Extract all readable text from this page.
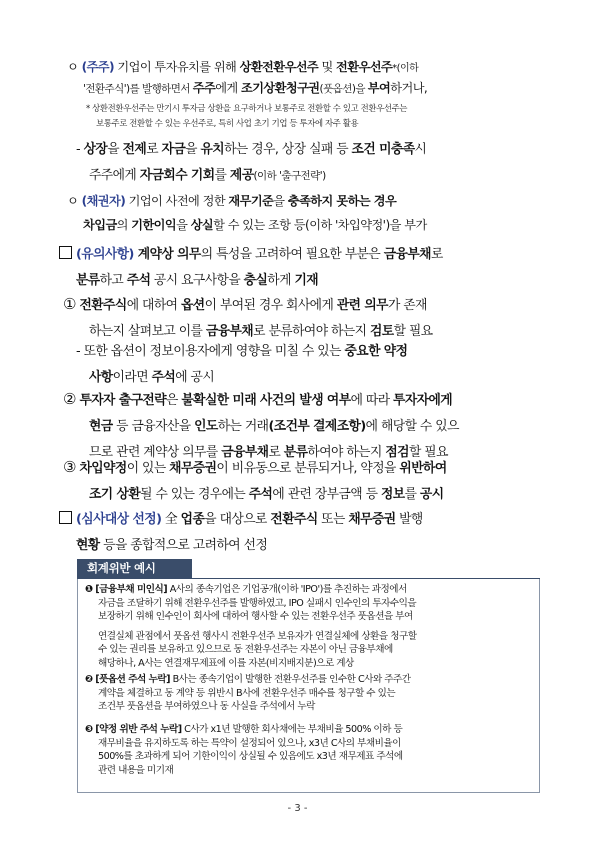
ㅇ (주주) 기업이 투자유치를 위해 상환전환우선주 및 전환우선주*(이하
'전환주식')를 발행하면서 주주에게 조기상환청구권(풋옵션)을 부여하거나,
* 상환전환우선주는 만기시 투자금 상환을 요구하거나 보통주로 전환할 수 있고 전환우선주는
보통주로 전환할 수 있는 우선주로, 특히 사업 초기 기업 등 투자에 자주 활용
- 상장을 전제로 자금을 유치하는 경우, 상장 실패 등 조건 미충족시
주주에게 자금회수 기회를 제공(이하 '출구전략')
ㅇ (채권자) 기업이 사전에 정한 재무기준을 충족하지 못하는 경우
차입금의 기한이익을 상실할 수 있는 조항 등(이하 '차입약정')을 부가
(유의사항) 계약상 의무의 특성을 고려하여 필요한 부분은 금융부채로
분류하고 주석 공시 요구사항을 충실하게 기재
① 전환주식에 대하여 옵션이 부여된 경우 회사에게 관련 의무가 존재
하는지 살펴보고 이를 금융부채로 분류하여야 하는지 검토할 필요
- 또한 옵션이 정보이용자에게 영향을 미칠 수 있는 중요한 약정
사항이라면 주석에 공시
② 투자자 출구전략은 불확실한 미래 사건의 발생 여부에 따라 투자자에게
현금 등 금융자산을 인도하는 거래(조건부 결제조항)에 해당할 수 있으
므로 관련 계약상 의무를 금융부채로 분류하여야 하는지 점검할 필요
③ 차입약정이 있는 채무증권이 비유동으로 분류되거나, 약정을 위반하여
조기 상환될 수 있는 경우에는 주석에 관련 장부금액 등 정보를 공시
(심사대상 선정) 全 업종을 대상으로 전환주식 또는 채무증권 발행
현황 등을 종합적으로 고려하여 선정
회계위반 예시
❶ [금융부채 미인식] A사의 종속기업은 기업공개(이하 'IPO')를 추진하는 과정에서
자금을 조달하기 위해 전환우선주를 발행하였고, IPO 실패시 인수인의 투자수익을
보장하기 위해 인수인이 회사에 대하여 행사할 수 있는 전환우선주 풋옵션을 부여
연결실체 관점에서 풋옵션 행사시 전환우선주 보유자가 연결실체에 상환을 청구할
수 있는 권리를 보유하고 있으므로 동 전환우선주는 자본이 아닌 금융부채에
해당하나, A사는 연결재무제표에 이를 자본(비지배지분)으로 계상
❷ [풋옵션 주석 누락] B사는 종속기업이 발행한 전환우선주를 인수한 C사와 주주간
계약을 체결하고 동 계약 등 위반시 B사에 전환우선주 매수를 청구할 수 있는
조건부 풋옵션을 부여하였으나 동 사실을 주석에서 누락
❸ [약정 위반 주석 누락] C사가 x1년 발행한 회사채에는 부채비율 500% 이하 등
재무비율을 유지하도록 하는 특약이 설정되어 있으나, x3년 C사의 부채비율이
500%를 초과하게 되어 기한이익이 상실될 수 있음에도 x3년 재무제표 주석에
관련 내용을 미기재
- 3 -
